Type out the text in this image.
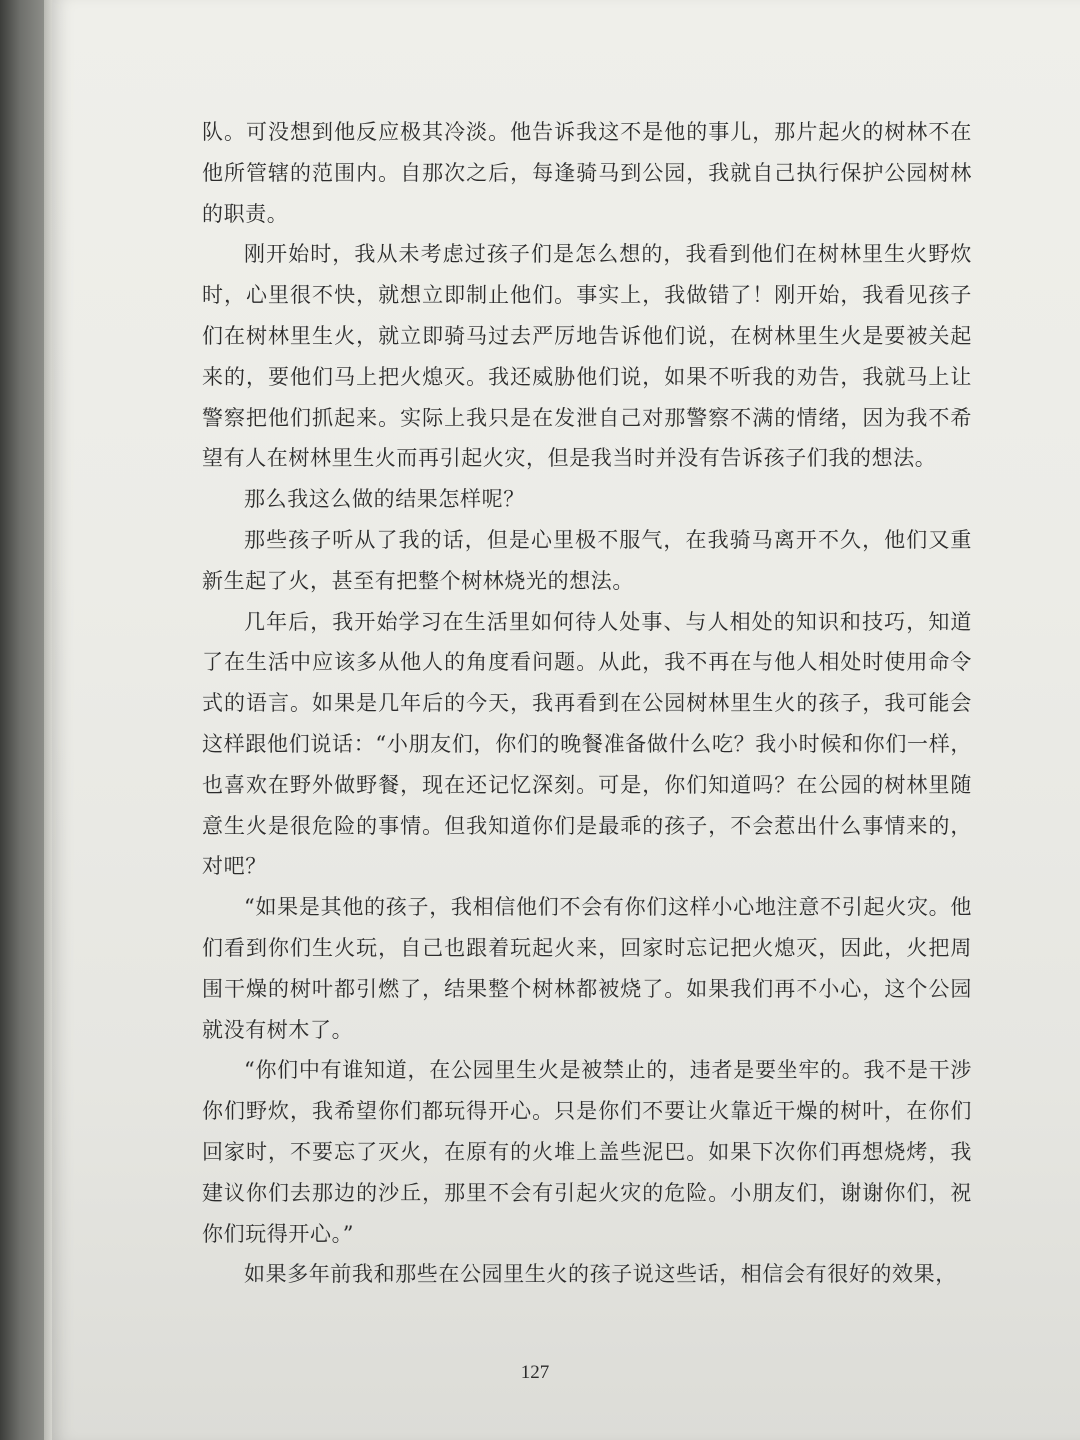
队。可没想到他反应极其冷淡。他告诉我这不是他的事儿，那片起火的树林不在他所管辖的范围内。自那次之后，每逢骑马到公园，我就自己执行保护公园树林的职责。

刚开始时，我从未考虑过孩子们是怎么想的，我看到他们在树林里生火野炊时，心里很不快，就想立即制止他们。事实上，我做错了！刚开始，我看见孩子们在树林里生火，就立即骑马过去严厉地告诉他们说，在树林里生火是要被关起来的，要他们马上把火熄灭。我还威胁他们说，如果不听我的劝告，我就马上让警察把他们抓起来。实际上我只是在发泄自己对那警察不满的情绪，因为我不希望有人在树林里生火而再引起火灾，但是我当时并没有告诉孩子们我的想法。

那么我这么做的结果怎样呢？

那些孩子听从了我的话，但是心里极不服气，在我骑马离开不久，他们又重新生起了火，甚至有把整个树林烧光的想法。

几年后，我开始学习在生活里如何待人处事、与人相处的知识和技巧，知道了在生活中应该多从他人的角度看问题。从此，我不再在与他人相处时使用命令式的语言。如果是几年后的今天，我再看到在公园树林里生火的孩子，我可能会这样跟他们说话：“小朋友们，你们的晚餐准备做什么吃？我小时候和你们一样，也喜欢在野外做野餐，现在还记忆深刻。可是，你们知道吗？在公园的树林里随意生火是很危险的事情。但我知道你们是最乖的孩子，不会惹出什么事情来的，对吧？

“如果是其他的孩子，我相信他们不会有你们这样小心地注意不引起火灾。他们看到你们生火玩，自己也跟着玩起火来，回家时忘记把火熄灭，因此，火把周围干燥的树叶都引燃了，结果整个树林都被烧了。如果我们再不小心，这个公园就没有树木了。

“你们中有谁知道，在公园里生火是被禁止的，违者是要坐牢的。我不是干涉你们野炊，我希望你们都玩得开心。只是你们不要让火靠近干燥的树叶，在你们回家时，不要忘了灭火，在原有的火堆上盖些泥巴。如果下次你们再想烧烤，我建议你们去那边的沙丘，那里不会有引起火灾的危险。小朋友们，谢谢你们，祝你们玩得开心。”

如果多年前我和那些在公园里生火的孩子说这些话，相信会有很好的效果，

127
